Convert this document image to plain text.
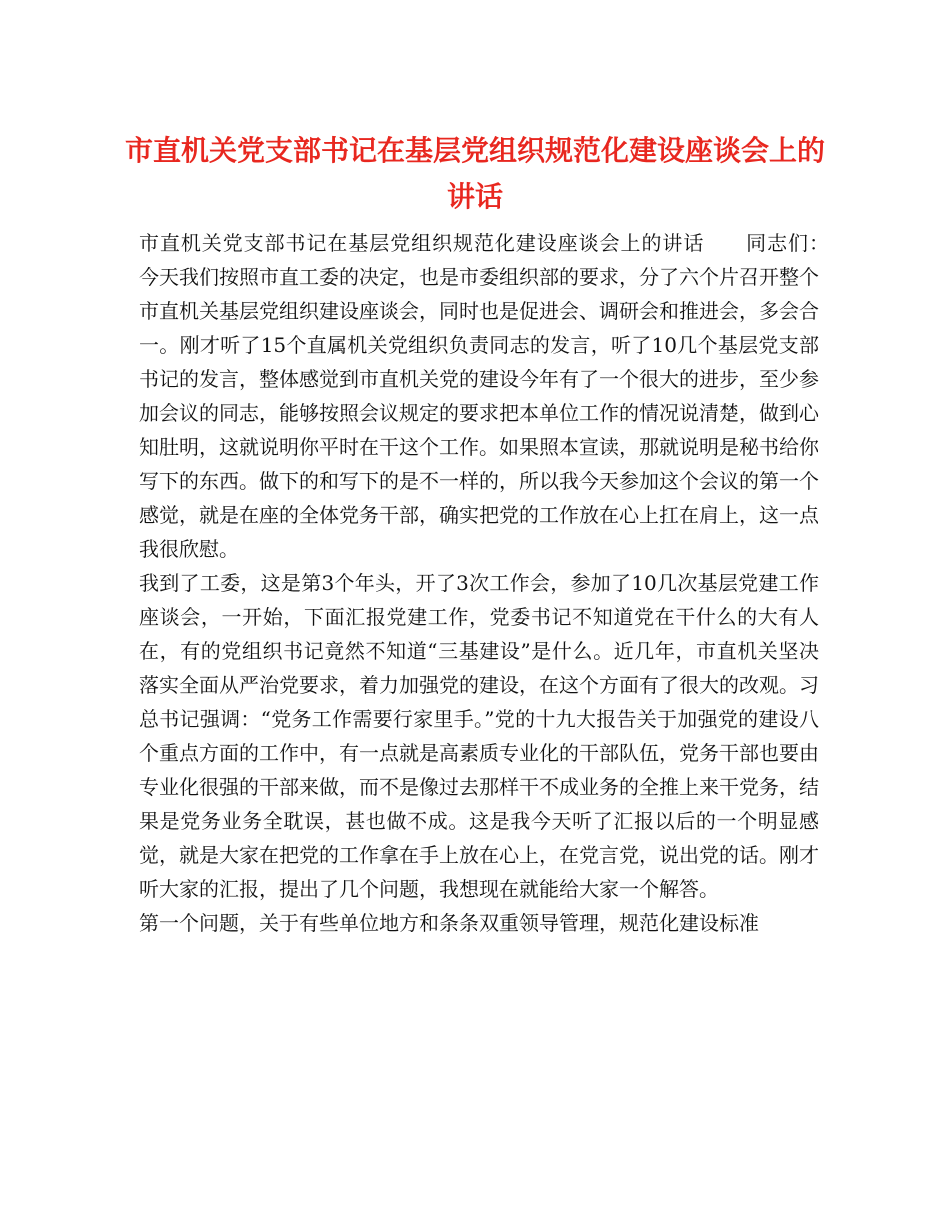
市直机关党支部书记在基层党组织规范化建设座谈会上的讲话

市直机关党支部书记在基层党组织规范化建设座谈会上的讲话　　同志们：　今天我们按照市直工委的决定，也是市委组织部的要求，分了六个片召开整个市直机关基层党组织建设座谈会，同时也是促进会、调研会和推进会，多会合一。刚才听了15个直属机关党组织负责同志的发言，听了10几个基层党支部书记的发言，整体感觉到市直机关党的建设今年有了一个很大的进步，至少参加会议的同志，能够按照会议规定的要求把本单位工作的情况说清楚，做到心知肚明，这就说明你平时在干这个工作。如果照本宣读，那就说明是秘书给你写下的东西。做下的和写下的是不一样的，所以我今天参加这个会议的第一个感觉，就是在座的全体党务干部，确实把党的工作放在心上扛在肩上，这一点我很欣慰。

我到了工委，这是第3个年头，开了3次工作会，参加了10几次基层党建工作座谈会，一开始，下面汇报党建工作，党委书记不知道党在干什么的大有人在，有的党组织书记竟然不知道“三基建设”是什么。近几年，市直机关坚决落实全面从严治党要求，着力加强党的建设，在这个方面有了很大的改观。习总书记强调：“党务工作需要行家里手。”党的十九大报告关于加强党的建设八个重点方面的工作中，有一点就是高素质专业化的干部队伍，党务干部也要由专业化很强的干部来做，而不是像过去那样干不成业务的全推上来干党务，结果是党务业务全耽误，甚也做不成。这是我今天听了汇报以后的一个明显感觉，就是大家在把党的工作拿在手上放在心上，在党言党，说出党的话。刚才听大家的汇报，提出了几个问题，我想现在就能给大家一个解答。

第一个问题，关于有些单位地方和条条双重领导管理，规范化建设标准
